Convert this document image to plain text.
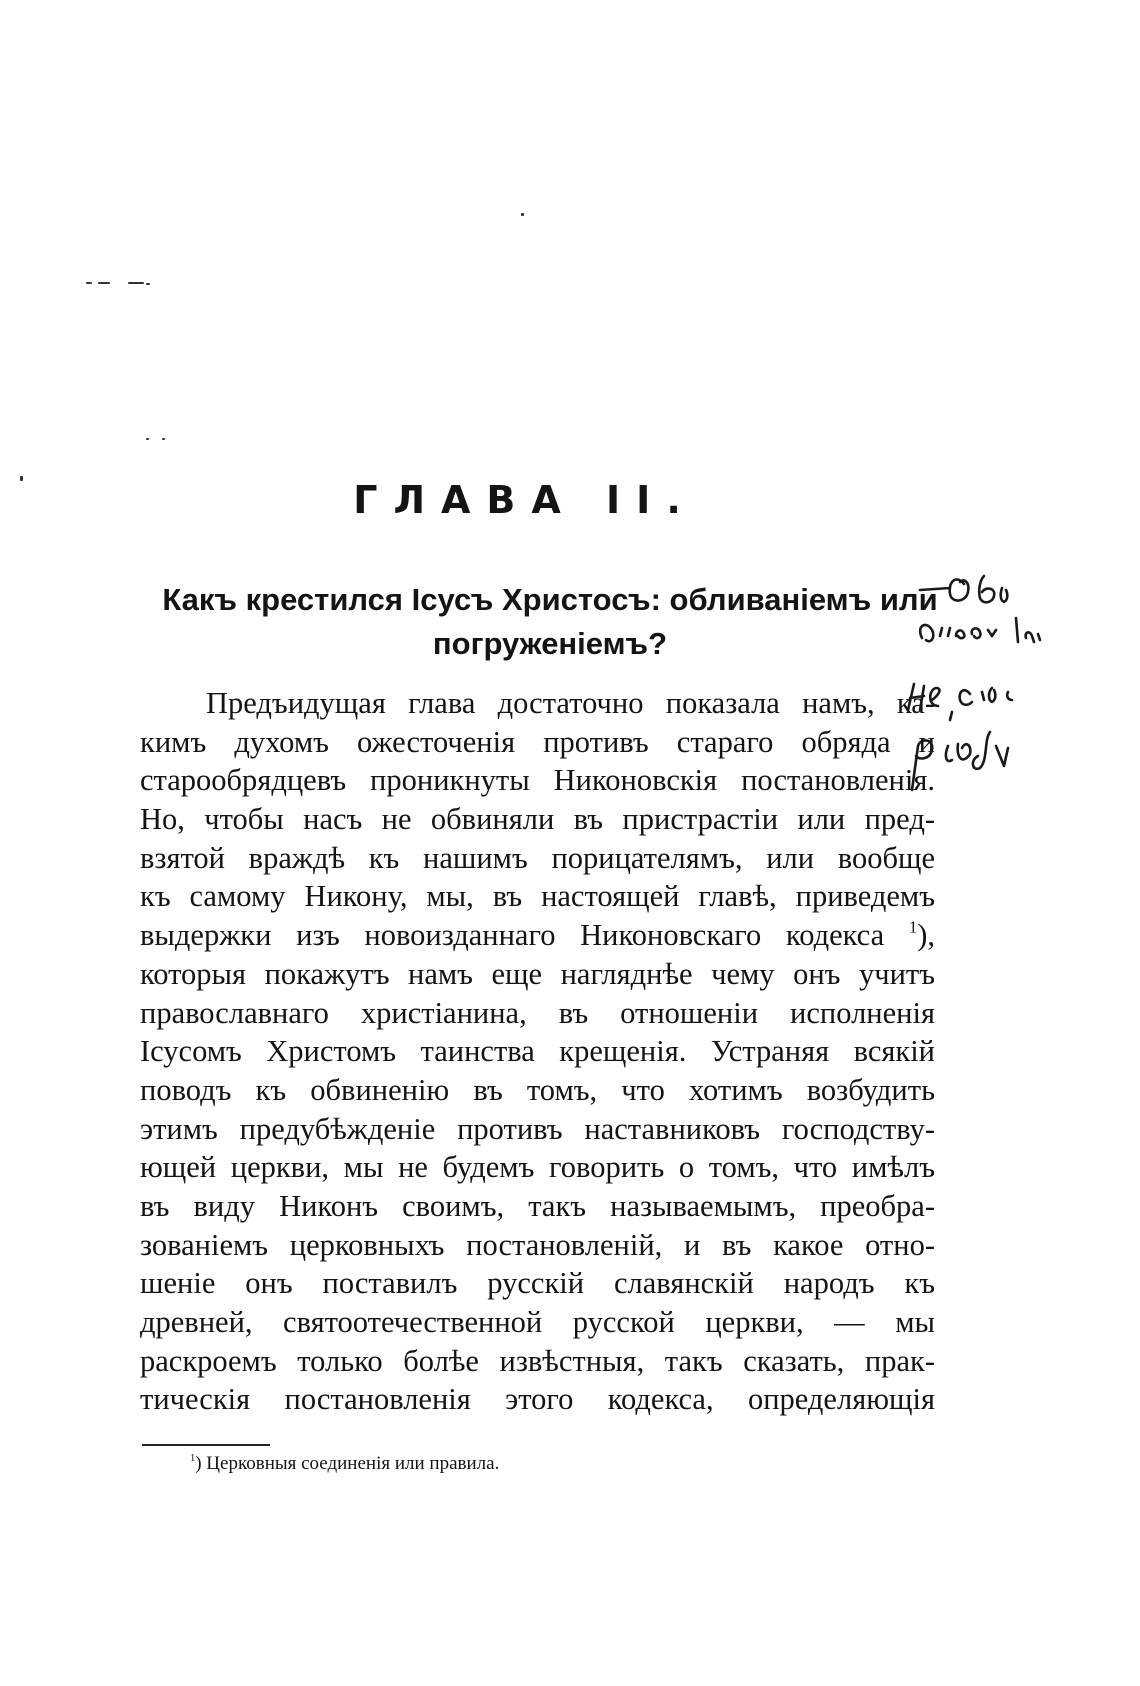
ГЛАВА II.
Какъ крестился Iсусъ Христосъ: обливанiемъ или
погруженiемъ?
Предъидущая глава достаточно показала намъ, ка-
кимъ духомъ ожесточенiя противъ стараго обряда и
старообрядцевъ проникнуты Никоновскiя постановленiя.
Но, чтобы насъ не обвиняли въ пристрастiи или пред-
взятой враждѣ къ нашимъ порицателямъ, или вообще
къ самому Никону, мы, въ настоящей главѣ, приведемъ
выдержки изъ новоизданнаго Никоновскаго кодекса $^1$),
которыя покажутъ намъ еще нагляднѣе чему онъ учитъ
православнаго христiанина, въ отношенiи исполненiя
Iсусомъ Христомъ таинства крещенiя. Устраняя всякiй
поводъ къ обвиненiю въ томъ, что хотимъ возбудить
этимъ предубѣжденiе противъ наставниковъ господству-
ющей церкви, мы не будемъ говорить о томъ, что имѣлъ
въ виду Никонъ своимъ, такъ называемымъ, преобра-
зованiемъ церковныхъ постановленiй, и въ какое отно-
шенiе онъ поставилъ русскiй славянскiй народъ къ
древней, святоотечественной русской церкви, — мы
раскроемъ только болѣе извѣстныя, такъ сказать, прак-
тическiя постановленiя этого кодекса, определяющiя

$^1$) Церковныя соединенiя или правила.
